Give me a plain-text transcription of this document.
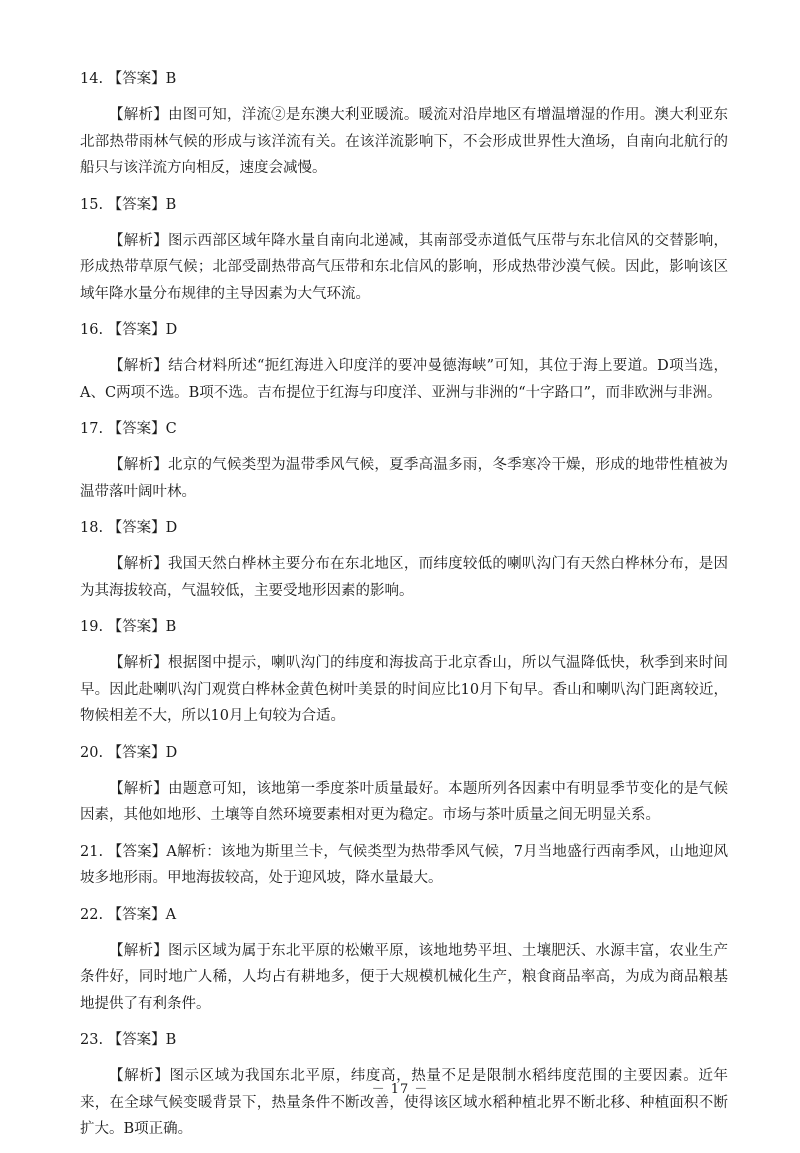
14. 【答案】B
【解析】由图可知，洋流②是东澳大利亚暖流。暖流对沿岸地区有增温增湿的作用。澳大利亚东北部热带雨林气候的形成与该洋流有关。在该洋流影响下，不会形成世界性大渔场，自南向北航行的船只与该洋流方向相反，速度会减慢。
15. 【答案】B
【解析】图示西部区域年降水量自南向北递减，其南部受赤道低气压带与东北信风的交替影响，形成热带草原气候；北部受副热带高气压带和东北信风的影响，形成热带沙漠气候。因此，影响该区域年降水量分布规律的主导因素为大气环流。
16. 【答案】D
【解析】结合材料所述“扼红海进入印度洋的要冲曼德海峡”可知，其位于海上要道。D项当选，A、C两项不选。B项不选。吉布提位于红海与印度洋、亚洲与非洲的“十字路口”，而非欧洲与非洲。
17. 【答案】C
【解析】北京的气候类型为温带季风气候，夏季高温多雨，冬季寒冷干燥，形成的地带性植被为温带落叶阔叶林。
18. 【答案】D
【解析】我国天然白桦林主要分布在东北地区，而纬度较低的喇叭沟门有天然白桦林分布，是因为其海拔较高，气温较低，主要受地形因素的影响。
19. 【答案】B
【解析】根据图中提示，喇叭沟门的纬度和海拔高于北京香山，所以气温降低快，秋季到来时间早。因此赴喇叭沟门观赏白桦林金黄色树叶美景的时间应比10月下旬早。香山和喇叭沟门距离较近，物候相差不大，所以10月上旬较为合适。
20. 【答案】D
【解析】由题意可知，该地第一季度茶叶质量最好。本题所列各因素中有明显季节变化的是气候因素，其他如地形、土壤等自然环境要素相对更为稳定。市场与茶叶质量之间无明显关系。
21. 【答案】A解析：该地为斯里兰卡，气候类型为热带季风气候，7月当地盛行西南季风，山地迎风坡多地形雨。甲地海拔较高，处于迎风坡，降水量最大。
22. 【答案】A
【解析】图示区域为属于东北平原的松嫩平原，该地地势平坦、土壤肥沃、水源丰富，农业生产条件好，同时地广人稀，人均占有耕地多，便于大规模机械化生产，粮食商品率高，为成为商品粮基地提供了有利条件。
23. 【答案】B
【解析】图示区域为我国东北平原，纬度高，热量不足是限制水稻纬度范围的主要因素。近年来，在全球气候变暖背景下，热量条件不断改善，使得该区域水稻种植北界不断北移、种植面积不断扩大。B项正确。
－ 17 －
